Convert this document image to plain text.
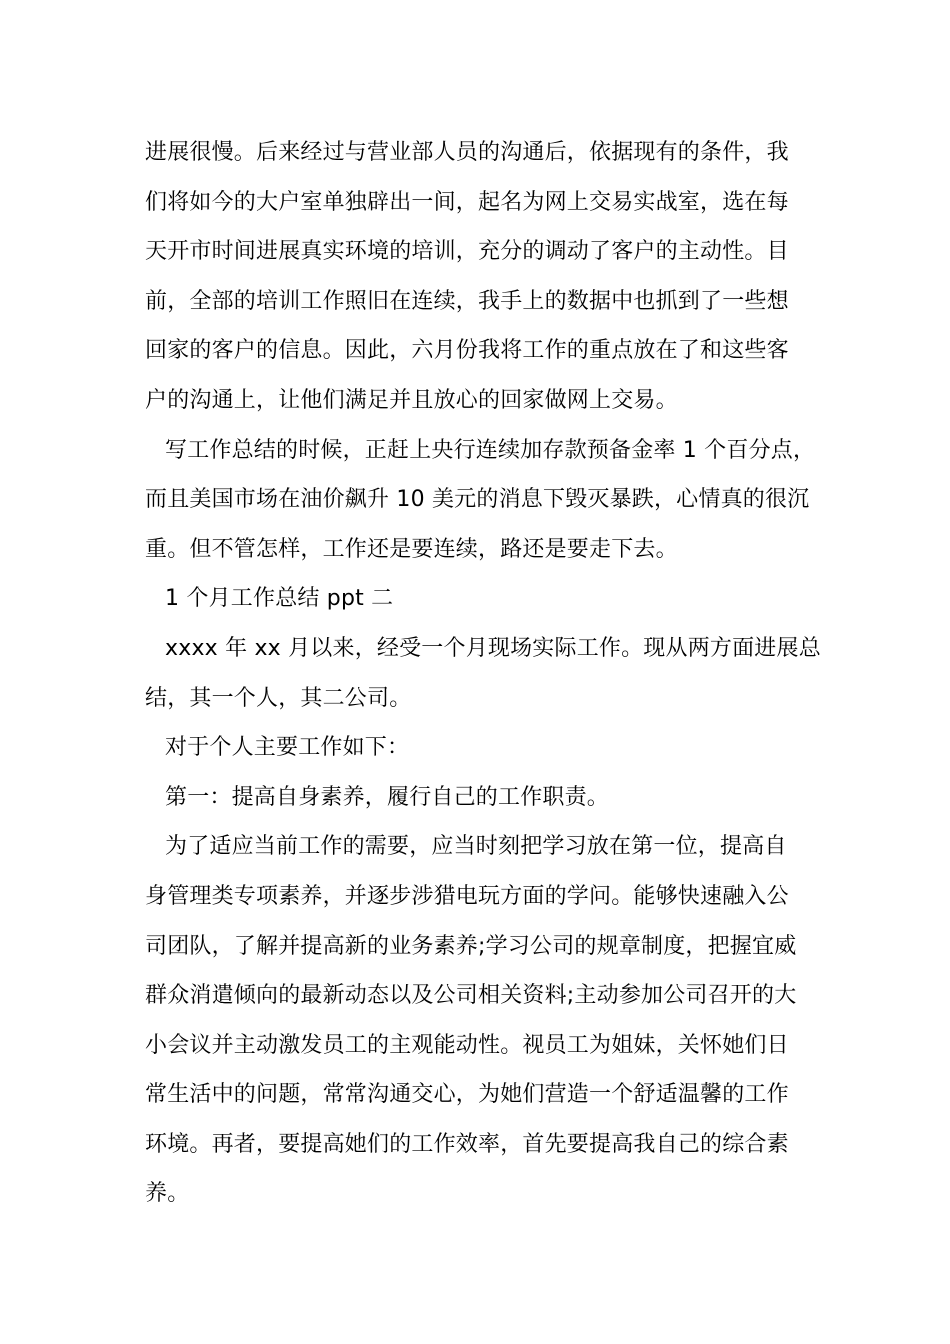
进展很慢。后来经过与营业部人员的沟通后，依据现有的条件，我
们将如今的大户室单独辟出一间，起名为网上交易实战室，选在每
天开市时间进展真实环境的培训，充分的调动了客户的主动性。目
前，全部的培训工作照旧在连续，我手上的数据中也抓到了一些想
回家的客户的信息。因此，六月份我将工作的重点放在了和这些客
户的沟通上，让他们满足并且放心的回家做网上交易。
写工作总结的时候，正赶上央行连续加存款预备金率 1 个百分点，
而且美国市场在油价飙升 10 美元的消息下毁灭暴跌，心情真的很沉
重。但不管怎样，工作还是要连续，路还是要走下去。
1 个月工作总结 ppt 二
xxxx 年 xx 月以来，经受一个月现场实际工作。现从两方面进展总
结，其一个人，其二公司。
对于个人主要工作如下：
第一：提高自身素养，履行自己的工作职责。
为了适应当前工作的需要，应当时刻把学习放在第一位，提高自
身管理类专项素养，并逐步涉猎电玩方面的学问。能够快速融入公
司团队，了解并提高新的业务素养;学习公司的规章制度，把握宜威
群众消遣倾向的最新动态以及公司相关资料;主动参加公司召开的大
小会议并主动激发员工的主观能动性。视员工为姐妹，关怀她们日
常生活中的问题，常常沟通交心，为她们营造一个舒适温馨的工作
环境。再者，要提高她们的工作效率，首先要提高我自己的综合素
养。
